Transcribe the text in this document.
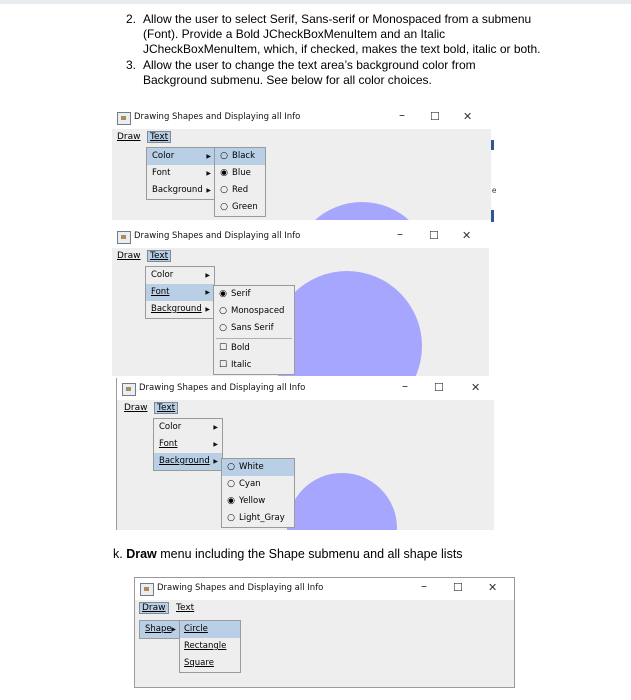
2. Allow the user to select Serif, Sans-serif or Monospaced from a submenu
(Font). Provide a Bold JCheckBoxMenuItem and an Italic
JCheckBoxMenuItem, which, if checked, makes the text bold, italic or both.
3. Allow the user to change the text area’s background color from
Background submenu. See below for all color choices.
Drawing Shapes and Displaying all Info	– ☐ ✕
Draw	Text
Color	▶
Font	▶
Background ▶
○ Black
◉ Blue
○ Red
○ Green
e
Drawing Shapes and Displaying all Info	– ☐ ✕
Draw	Text
Color	▶
Font	▶
Background ▶
◉ Serif
○ Monospaced
○ Sans Serif
☐ Bold
☐ Italic
Drawing Shapes and Displaying all Info	– ☐ ✕
Draw	Text
Color	▶
Font	▶
Background ▶
○ White
○ Cyan
◉ Yellow
○ Light_Gray
k. Draw menu including the Shape submenu and all shape lists
Drawing Shapes and Displaying all Info	– ☐ ✕
Draw	Text
Shape ▶ Circle
Rectangle
Square
